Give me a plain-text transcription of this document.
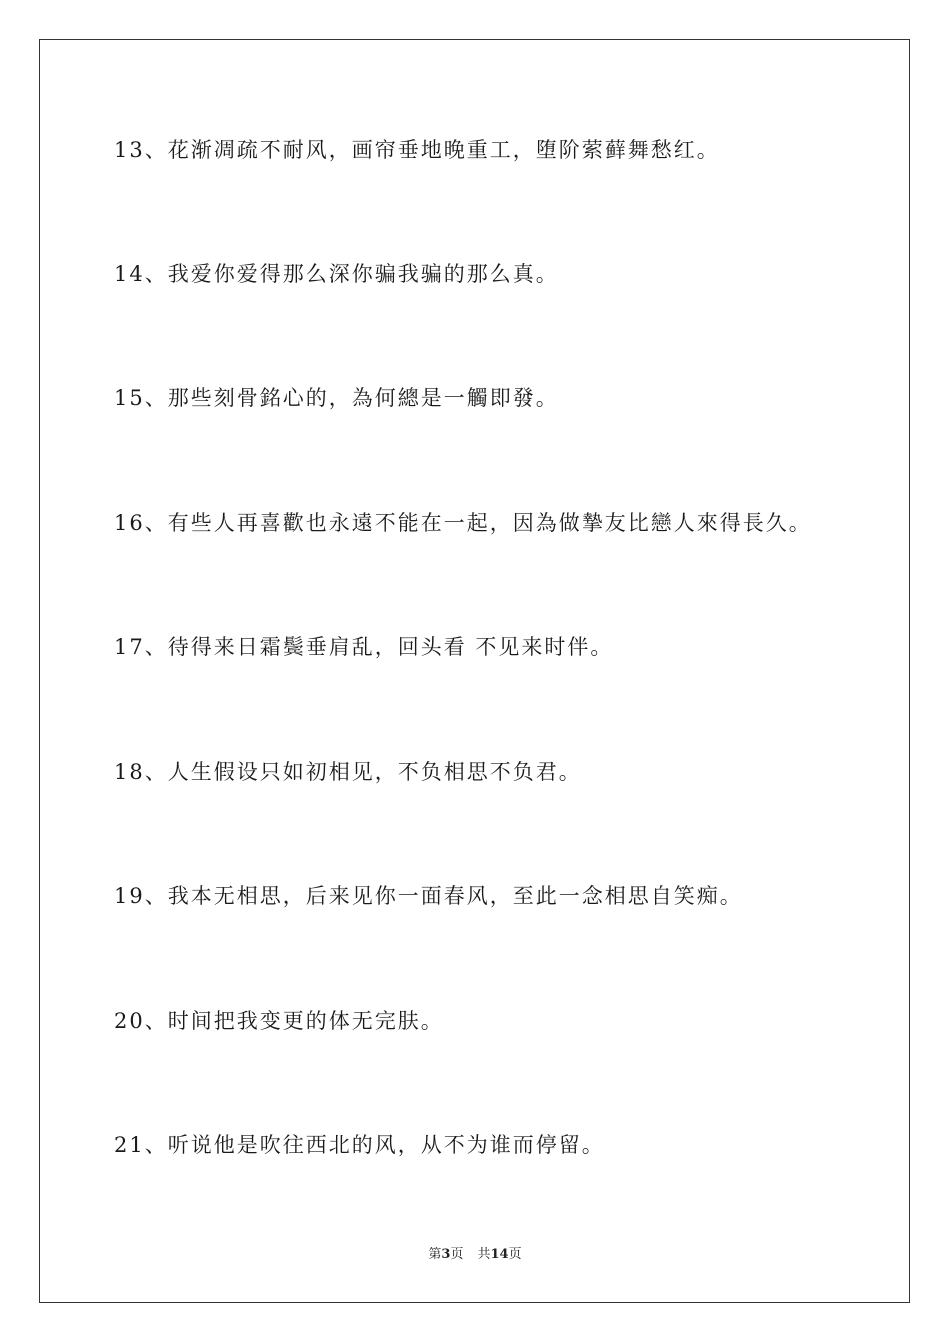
13、花渐凋疏不耐风，画帘垂地晚重工，堕阶萦藓舞愁红。

14、我爱你爱得那么深你骗我骗的那么真。

15、那些刻骨銘心的，為何總是一觸即發。

16、有些人再喜歡也永遠不能在一起，因為做摯友比戀人來得長久。

17、待得来日霜鬓垂肩乱，回头看 不见来时伴。

18、人生假设只如初相见，不负相思不负君。

19、我本无相思，后来见你一面春风，至此一念相思自笑痴。

20、时间把我变更的体无完肤。

21、听说他是吹往西北的风，从不为谁而停留。

第3页 共14页
